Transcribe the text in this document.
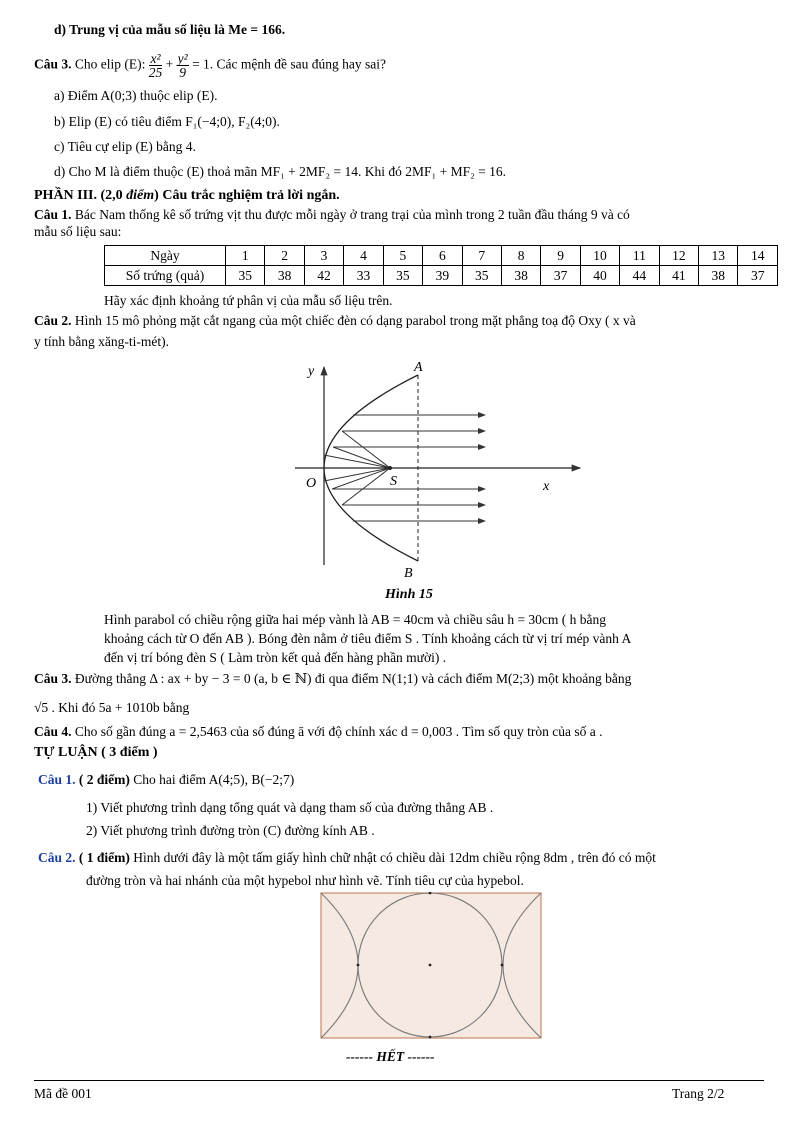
d) Trung vị của mẫu số liệu là Me = 166.
Câu 3. Cho elip (E): $\frac{\text{x²}}{25} + \frac{\text{y²}}{9} = 1$. Các mệnh đề sau đúng hay sai?
a) Điểm A(0;3) thuộc elip (E).
b) Elip (E) có tiêu điểm F₁(−4;0), F₂(4;0).
c) Tiêu cự elip (E) bằng 4.
d) Cho M là điểm thuộc (E) thoả mãn MF₁ + 2MF₂ = 14. Khi đó 2MF₁ + MF₂ = 16.
PHẦN III. (2,0 điểm) Câu trắc nghiệm trả lời ngắn.
Câu 1. Bác Nam thống kê số trứng vịt thu được mỗi ngày ở trang trại của mình trong 2 tuần đầu tháng 9 và có
mẫu số liệu sau:
Ngày	1	2	3	4	5	6	7	8	9	10	11	12	13	14
Số trứng (quả)	35	38	42	33	35	39	35	38	37	40	44	41	38	37
Hãy xác định khoảng tứ phân vị của mẫu số liệu trên.
Câu 2. Hình 15 mô phỏng mặt cắt ngang của một chiếc đèn có dạng parabol trong mặt phẳng toạ độ Oxy ( x và
y tính bằng xăng-ti-mét).
y
x
O	S
A
B
Hình 15
Hình parabol có chiều rộng giữa hai mép vành là AB = 40cm và chiều sâu h = 30cm ( h bằng
khoảng cách từ O đến AB ). Bóng đèn nằm ở tiêu điểm S . Tính khoảng cách từ vị trí mép vành A
đến vị trí bóng đèn S ( Làm tròn kết quả đến hàng phần mười) .
Câu 3. Đường thẳng Δ : ax + by − 3 = 0 (a, b ∈ ℕ) đi qua điểm N(1;1) và cách điểm M(2;3) một khoảng bằng
√5 . Khi đó 5a + 1010b bằng
Câu 4. Cho số gần đúng a = 2,5463 của số đúng ā với độ chính xác d = 0,003 . Tìm số quy tròn của số a .
TỰ LUẬN ( 3 điểm )
Câu 1. ( 2 điểm) Cho hai điểm A(4;5), B(−2;7)
1) Viết phương trình dạng tổng quát và dạng tham số của đường thẳng AB .
2) Viết phương trình đường tròn (C) đường kính AB .
Câu 2. ( 1 điểm) Hình dưới đây là một tấm giấy hình chữ nhật có chiều dài 12dm chiều rộng 8dm , trên đó có một
đường tròn và hai nhánh của một hypebol như hình vẽ. Tính tiêu cự của hypebol.
------ HẾT ------
Mã đề 001	Trang 2/2
